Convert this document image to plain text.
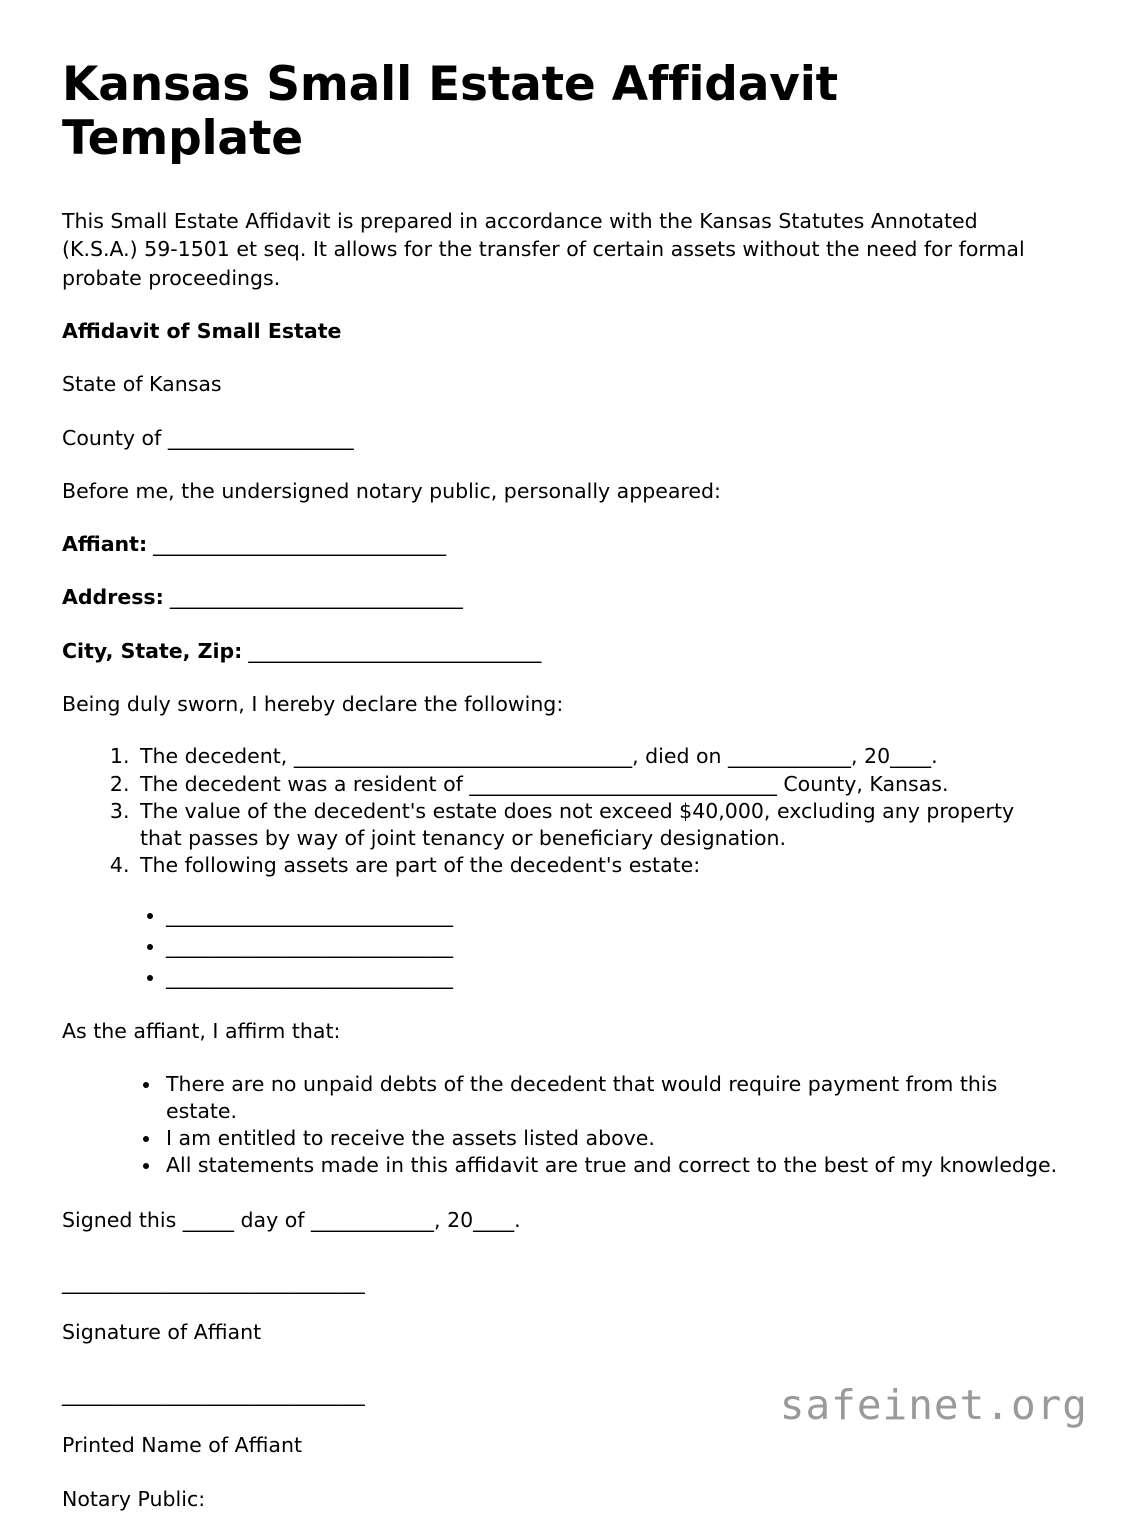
Kansas Small Estate Affidavit Template

This Small Estate Affidavit is prepared in accordance with the Kansas Statutes Annotated (K.S.A.) 59-1501 et seq. It allows for the transfer of certain assets without the need for formal probate proceedings.

Affidavit of Small Estate

State of Kansas

County of ___________________

Before me, the undersigned notary public, personally appeared:

Affiant: ______________________________

Address: ______________________________

City, State, Zip: ______________________________

Being duly sworn, I hereby declare the following:

1. The decedent, _________________________________, died on ____________, 20____.
2. The decedent was a resident of ______________________________ County, Kansas.
3. The value of the decedent's estate does not exceed $40,000, excluding any property that passes by way of joint tenancy or beneficiary designation.
4. The following assets are part of the decedent's estate:
• ____________________________
• ____________________________
• ____________________________

As the affiant, I affirm that:

• There are no unpaid debts of the decedent that would require payment from this estate.
• I am entitled to receive the assets listed above.
• All statements made in this affidavit are true and correct to the best of my knowledge.

Signed this _____ day of ____________, 20____.

_______________________________

Signature of Affiant

_______________________________

Printed Name of Affiant

Notary Public:

safeinet.org
